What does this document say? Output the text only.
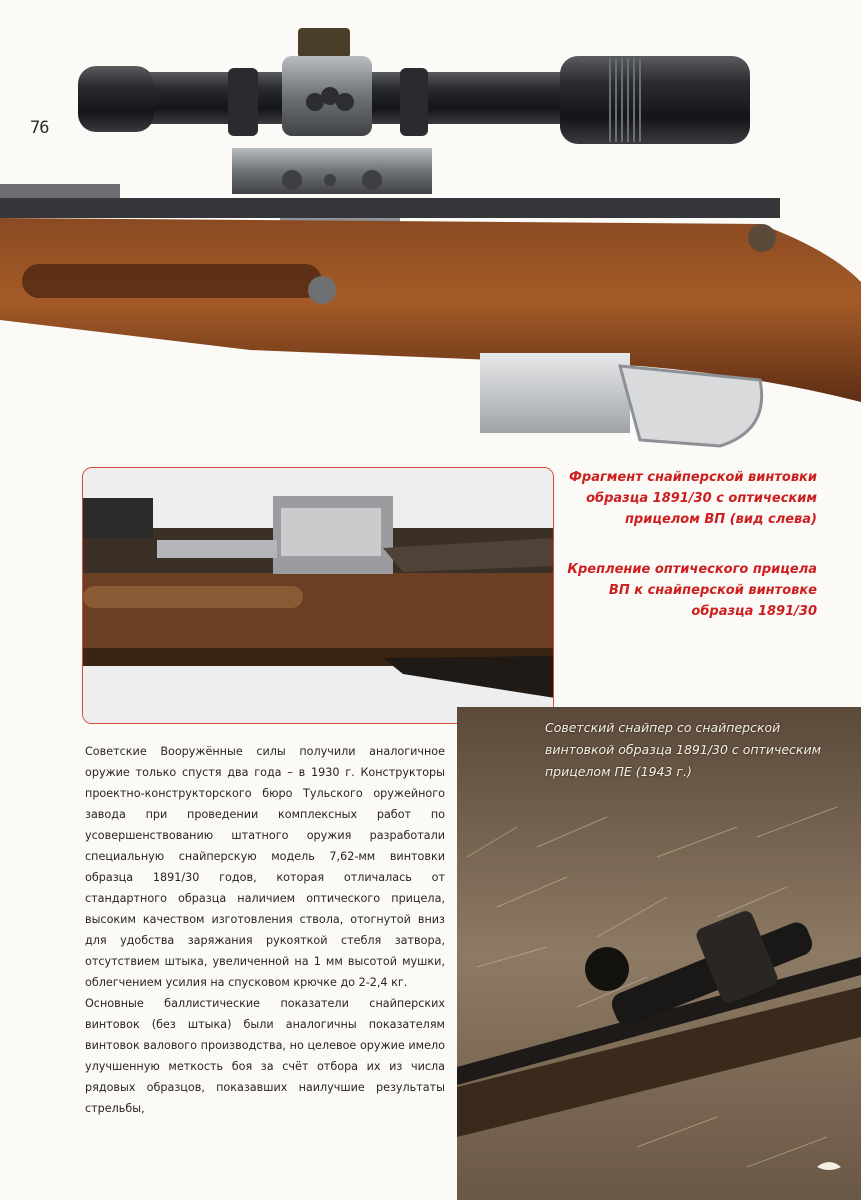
76
Фрагмент снайперской винтовки образца 1891/30 с оптическим прицелом ВП (вид слева)
Крепление оптического прицела ВП к снайперской винтовке образца 1891/30

Советские Вооружённые силы получили аналогичное оружие только спустя два года – в 1930 г. Конструкторы проектно-конструкторского бюро Тульского оружейного завода при проведении комплексных работ по усовершенствованию штатного оружия разработали специальную снайперскую модель 7,62-мм винтовки образца 1891/30 годов, которая отличалась от стандартного образца наличием оптического прицела, высоким качеством изготовления ствола, отогнутой вниз для удобства заряжания рукояткой стебля затвора, отсутствием штыка, увеличенной на 1 мм высотой мушки, облегчением усилия на спусковом крючке до 2-2,4 кг.

Основные баллистические показатели снайперских винтовок (без штыка) были аналогичны показателям винтовок валового производства, но целевое оружие имело улучшенную меткость боя за счёт отбора их из числа рядовых образцов, показавших наилучшие результаты стрельбы,

Советский снайпер со снайперской винтовкой образца 1891/30 с оптическим прицелом ПЕ (1943 г.)
